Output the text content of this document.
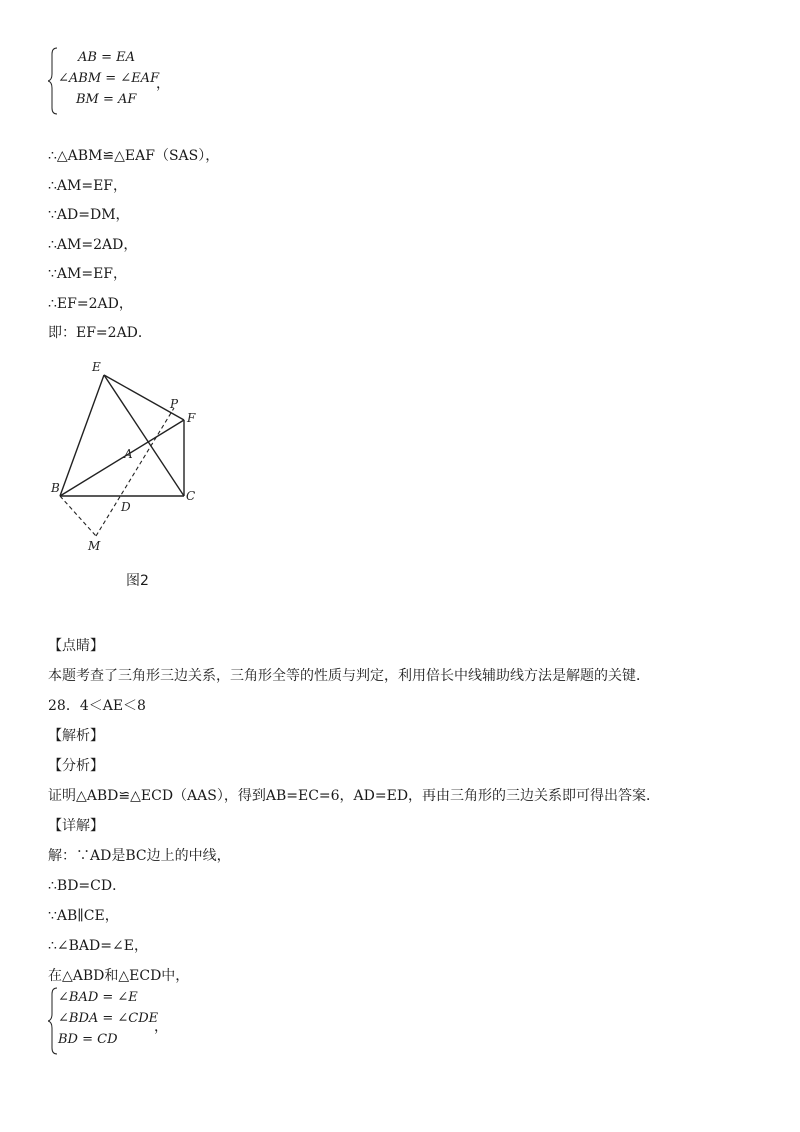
AB = EA
∠ABM = ∠EAF
BM = AF
，
∴△ABM≌△EAF（SAS），
∴AM=EF，
∵AD=DM，
∴AM=2AD，
∵AM=EF，
∴EF=2AD，
即：EF=2AD．
E
P
F
A
B
D
C
M
图2
【点睛】
本题考查了三角形三边关系，三角形全等的性质与判定，利用倍长中线辅助线方法是解题的关键．
28．4＜AE＜8
【解析】
【分析】
证明△ABD≌△ECD（AAS），得到AB=EC=6，AD=ED，再由三角形的三边关系即可得出答案．
【详解】
解：∵AD是BC边上的中线，
∴BD=CD．
∵AB∥CE，
∴∠BAD=∠E，
在△ABD和△ECD中，
∠BAD = ∠E
∠BDA = ∠CDE
BD = CD
，
